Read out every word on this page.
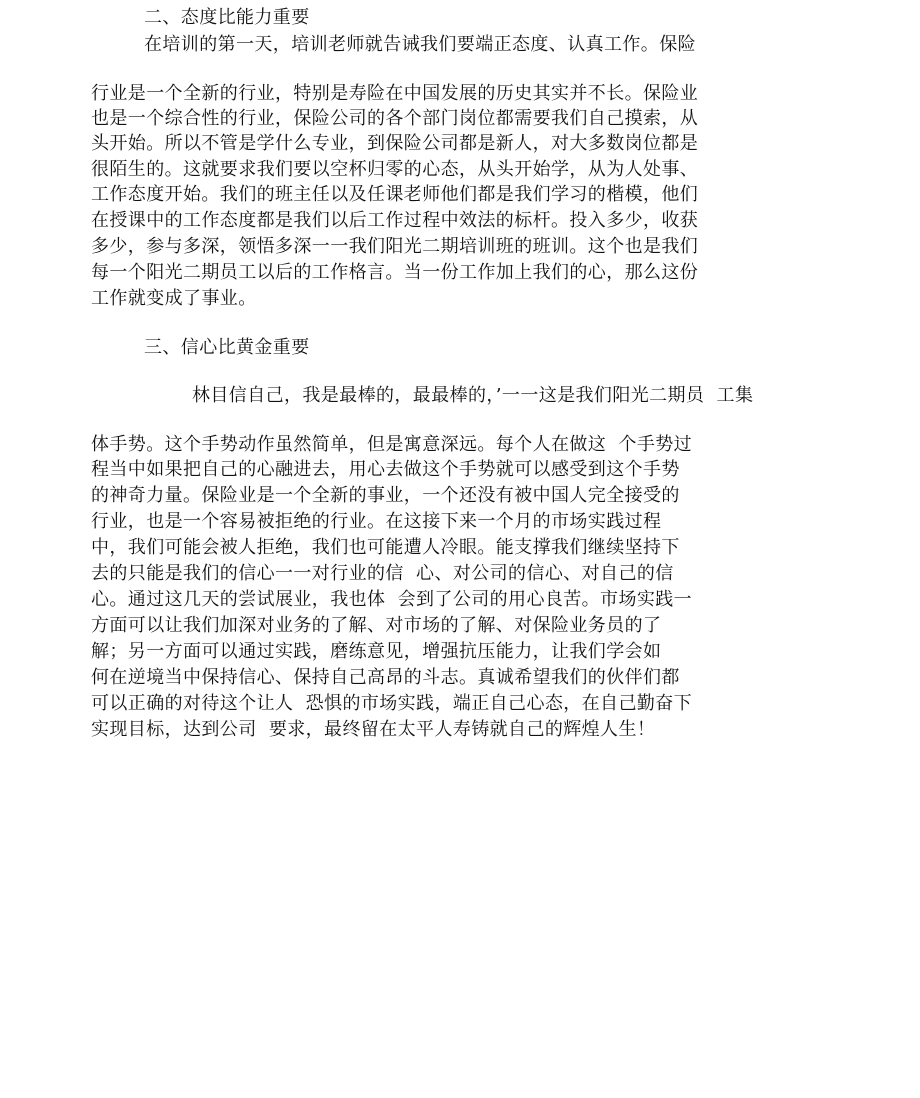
二、态度比能力重要
在培训的第一天，培训老师就告诫我们要端正态度、认真工作。保险
行业是一个全新的行业，特别是寿险在中国发展的历史其实并不长。保险业
也是一个综合性的行业，保险公司的各个部门岗位都需要我们自己摸索，从
头开始。所以不管是学什么专业，到保险公司都是新人，对大多数岗位都是
很陌生的。这就要求我们要以空杯归零的心态，从头开始学，从为人处事、
工作态度开始。我们的班主任以及任课老师他们都是我们学习的楷模，他们
在授课中的工作态度都是我们以后工作过程中效法的标杆。投入多少，收获
多少，参与多深，领悟多深一一我们阳光二期培训班的班训。这个也是我们
每一个阳光二期员工以后的工作格言。当一份工作加上我们的心，那么这份
工作就变成了事业。
三、信心比黄金重要
林目信自己，我是最棒的，最最棒的，’一一这是我们阳光二期员  工集
体手势。这个手势动作虽然简单，但是寓意深远。每个人在做这  个手势过
程当中如果把自己的心融进去，用心去做这个手势就可以感受到这个手势
的神奇力量。保险业是一个全新的事业，一个还没有被中国人完全接受的
行业，也是一个容易被拒绝的行业。在这接下来一个月的市场实践过程
中，我们可能会被人拒绝，我们也可能遭人冷眼。能支撑我们继续坚持下
去的只能是我们的信心一一对行业的信  心、对公司的信心、对自己的信
心。通过这几天的尝试展业，我也体  会到了公司的用心良苦。市场实践一
方面可以让我们加深对业务的了解、对市场的了解、对保险业务员的了
解；另一方面可以通过实践，磨练意见，增强抗压能力，让我们学会如
何在逆境当中保持信心、保持自己高昂的斗志。真诚希望我们的伙伴们都
可以正确的对待这个让人  恐惧的市场实践，端正自己心态，在自己勤奋下
实现目标，达到公司  要求，最终留在太平人寿铸就自己的辉煌人生！
